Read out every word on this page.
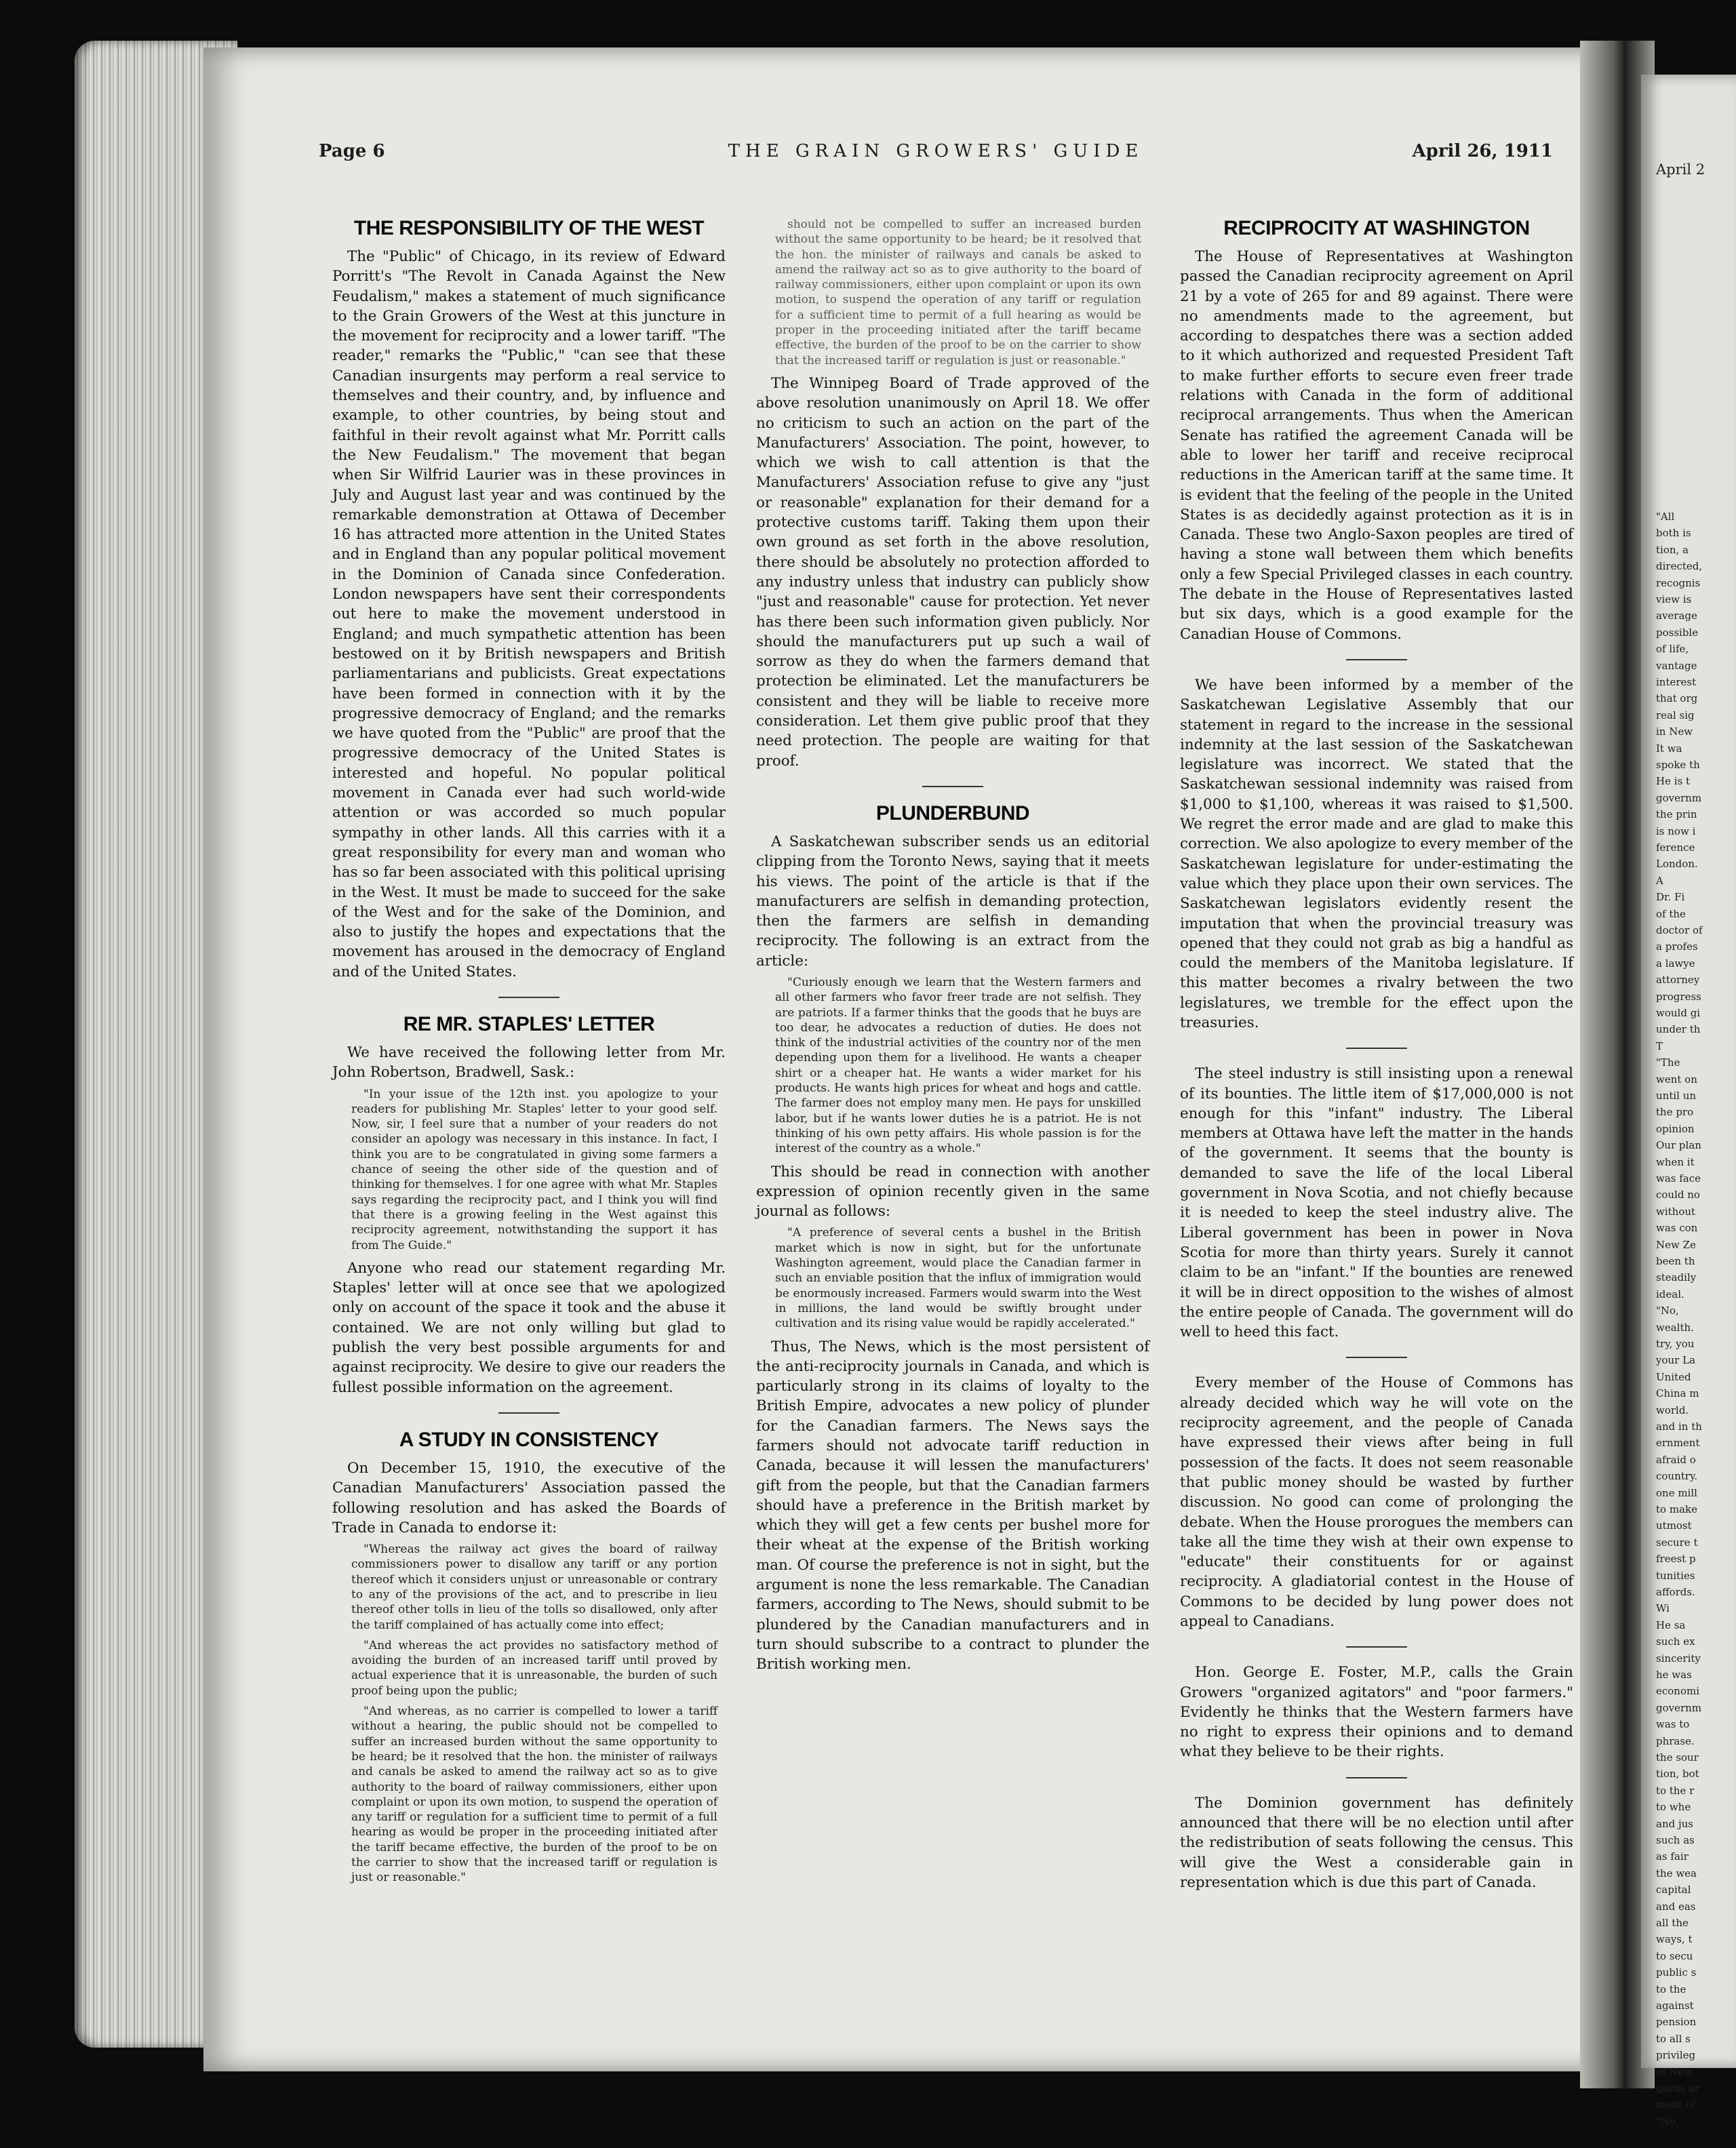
Page 6	THE GRAIN GROWERS' GUIDE	April 26, 1911
THE RESPONSIBILITY OF THE WEST

The "Public" of Chicago, in its review of Edward Porritt's "The Revolt in Canada Against the New Feudalism," makes a statement of much significance to the Grain Growers of the West at this juncture in the movement for reciprocity and a lower tariff. "The reader," remarks the "Public," "can see that these Canadian insurgents may perform a real service to themselves and their country, and, by influence and example, to other countries, by being stout and faithful in their revolt against what Mr. Porritt calls the New Feudalism." The movement that began when Sir Wilfrid Laurier was in these provinces in July and August last year and was continued by the remarkable demonstration at Ottawa of December 16 has attracted more attention in the United States and in England than any popular political movement in the Dominion of Canada since Confederation. London newspapers have sent their correspondents out here to make the movement understood in England; and much sympathetic attention has been bestowed on it by British newspapers and British parliamentarians and publicists. Great expectations have been formed in connection with it by the progressive democracy of England; and the remarks we have quoted from the "Public" are proof that the progressive democracy of the United States is interested and hopeful. No popular political movement in Canada ever had such world-wide attention or was accorded so much popular sympathy in other lands. All this carries with it a great responsibility for every man and woman who has so far been associated with this political uprising in the West. It must be made to succeed for the sake of the West and for the sake of the Dominion, and also to justify the hopes and expectations that the movement has aroused in the democracy of England and of the United States.

RE MR. STAPLES' LETTER

We have received the following letter from Mr. John Robertson, Bradwell, Sask.:

"In your issue of the 12th inst. you apologize to your readers for publishing Mr. Staples' letter to your good self. Now, sir, I feel sure that a number of your readers do not consider an apology was necessary in this instance. In fact, I think you are to be congratulated in giving some farmers a chance of seeing the other side of the question and of thinking for themselves. I for one agree with what Mr. Staples says regarding the reciprocity pact, and I think you will find that there is a growing feeling in the West against this reciprocity agreement, notwithstanding the support it has from The Guide."

Anyone who read our statement regarding Mr. Staples' letter will at once see that we apologized only on account of the space it took and the abuse it contained. We are not only willing but glad to publish the very best possible arguments for and against reciprocity. We desire to give our readers the fullest possible information on the agreement.

A STUDY IN CONSISTENCY

On December 15, 1910, the executive of the Canadian Manufacturers' Association passed the following resolution and has asked the Boards of Trade in Canada to endorse it:

"Whereas the railway act gives the board of railway commissioners power to disallow any tariff or any portion thereof which it considers unjust or unreasonable or contrary to any of the provisions of the act, and to prescribe in lieu thereof other tolls in lieu of the tolls so disallowed, only after the tariff complained of has actually come into effect;

"And whereas the act provides no satisfactory method of avoiding the burden of an increased tariff until proved by actual experience that it is unreasonable, the burden of such proof being upon the public;

"And whereas, as no carrier is compelled to lower a tariff without a hearing, the public should not be compelled to suffer an increased burden without the same opportunity to be heard; be it resolved that the hon. the minister of railways and canals be asked to amend the railway act so as to give authority to the board of railway commissioners, either upon complaint or upon its own motion, to suspend the operation of any tariff or regulation for a sufficient time to permit of a full hearing as would be proper in the proceeding initiated after the tariff became effective, the burden of the proof to be on the carrier to show that the increased tariff or regulation is just or reasonable."

should not be compelled to suffer an increased burden without the same opportunity to be heard; be it resolved that the hon. the minister of railways and canals be asked to amend the railway act so as to give authority to the board of railway commissioners, either upon complaint or upon its own motion, to suspend the operation of any tariff or regulation for a sufficient time to permit of a full hearing as would be proper in the proceeding initiated after the tariff became effective, the burden of the proof to be on the carrier to show that the increased tariff or regulation is just or reasonable."

The Winnipeg Board of Trade approved of the above resolution unanimously on April 18. We offer no criticism to such an action on the part of the Manufacturers' Association. The point, however, to which we wish to call attention is that the Manufacturers' Association refuse to give any "just or reasonable" explanation for their demand for a protective customs tariff. Taking them upon their own ground as set forth in the above resolution, there should be absolutely no protection afforded to any industry unless that industry can publicly show "just and reasonable" cause for protection. Yet never has there been such information given publicly. Nor should the manufacturers put up such a wail of sorrow as they do when the farmers demand that protection be eliminated. Let the manufacturers be consistent and they will be liable to receive more consideration. Let them give public proof that they need protection. The people are waiting for that proof.

PLUNDERBUND

A Saskatchewan subscriber sends us an editorial clipping from the Toronto News, saying that it meets his views. The point of the article is that if the manufacturers are selfish in demanding protection, then the farmers are selfish in demanding reciprocity. The following is an extract from the article:

"Curiously enough we learn that the Western farmers and all other farmers who favor freer trade are not selfish. They are patriots. If a farmer thinks that the goods that he buys are too dear, he advocates a reduction of duties. He does not think of the industrial activities of the country nor of the men depending upon them for a livelihood. He wants a cheaper shirt or a cheaper hat. He wants a wider market for his products. He wants high prices for wheat and hogs and cattle. The farmer does not employ many men. He pays for unskilled labor, but if he wants lower duties he is a patriot. He is not thinking of his own petty affairs. His whole passion is for the interest of the country as a whole."

This should be read in connection with another expression of opinion recently given in the same journal as follows:

"A preference of several cents a bushel in the British market which is now in sight, but for the unfortunate Washington agreement, would place the Canadian farmer in such an enviable position that the influx of immigration would be enormously increased. Farmers would swarm into the West in millions, the land would be swiftly brought under cultivation and its rising value would be rapidly accelerated."

Thus, The News, which is the most persistent of the anti-reciprocity journals in Canada, and which is particularly strong in its claims of loyalty to the British Empire, advocates a new policy of plunder for the Canadian farmers. The News says the farmers should not advocate tariff reduction in Canada, because it will lessen the manufacturers' gift from the people, but that the Canadian farmers should have a preference in the British market by which they will get a few cents per bushel more for their wheat at the expense of the British working man. Of course the preference is not in sight, but the argument is none the less remarkable. The Canadian farmers, according to The News, should submit to be plundered by the Canadian manufacturers and in turn should subscribe to a contract to plunder the British working men.

RECIPROCITY AT WASHINGTON

The House of Representatives at Washington passed the Canadian reciprocity agreement on April 21 by a vote of 265 for and 89 against. There were no amendments made to the agreement, but according to despatches there was a section added to it which authorized and requested President Taft to make further efforts to secure even freer trade relations with Canada in the form of additional reciprocal arrangements. Thus when the American Senate has ratified the agreement Canada will be able to lower her tariff and receive reciprocal reductions in the American tariff at the same time. It is evident that the feeling of the people in the United States is as decidedly against protection as it is in Canada. These two Anglo-Saxon peoples are tired of having a stone wall between them which benefits only a few Special Privileged classes in each country. The debate in the House of Representatives lasted but six days, which is a good example for the Canadian House of Commons.

We have been informed by a member of the Saskatchewan Legislative Assembly that our statement in regard to the increase in the sessional indemnity at the last session of the Saskatchewan legislature was incorrect. We stated that the Saskatchewan sessional indemnity was raised from $1,000 to $1,100, whereas it was raised to $1,500. We regret the error made and are glad to make this correction. We also apologize to every member of the Saskatchewan legislature for under-estimating the value which they place upon their own services. The Saskatchewan legislators evidently resent the imputation that when the provincial treasury was opened that they could not grab as big a handful as could the members of the Manitoba legislature. If this matter becomes a rivalry between the two legislatures, we tremble for the effect upon the treasuries.

The steel industry is still insisting upon a renewal of its bounties. The little item of $17,000,000 is not enough for this "infant" industry. The Liberal members at Ottawa have left the matter in the hands of the government. It seems that the bounty is demanded to save the life of the local Liberal government in Nova Scotia, and not chiefly because it is needed to keep the steel industry alive. The Liberal government has been in power in Nova Scotia for more than thirty years. Surely it cannot claim to be an "infant." If the bounties are renewed it will be in direct opposition to the wishes of almost the entire people of Canada. The government will do well to heed this fact.

Every member of the House of Commons has already decided which way he will vote on the reciprocity agreement, and the people of Canada have expressed their views after being in full possession of the facts. It does not seem reasonable that public money should be wasted by further discussion. No good can come of prolonging the debate. When the House prorogues the members can take all the time they wish at their own expense to "educate" their constituents for or against reciprocity. A gladiatorial contest in the House of Commons to be decided by lung power does not appeal to Canadians.

Hon. George E. Foster, M.P., calls the Grain Growers "organized agitators" and "poor farmers." Evidently he thinks that the Western farmers have no right to express their opinions and to demand what they believe to be their rights.

The Dominion government has definitely announced that there will be no election until after the redistribution of seats following the census. This will give the West a considerable gain in representation which is due this part of Canada.

April 2
"All
both is
tion, a
directed,
recognis
view is
average
possible
of life,
vantage
interest
that org
real sig
in New
It wa
spoke th
He is t
governm
the prin
is now i
ference
London.
A
Dr. Fi
of the
doctor of
a profes
a lawye
attorney
progress
would gi
under th
T
"The
went on
until un
the pro
opinion
Our plan
when it
was face
could no
without
was con
New Ze
been th
steadily
ideal.
"No,
wealth.
try, you
your La
United
China m
world.
and in th
ernment
afraid o
country.
one mill
to make
utmost
secure t
freest p
tunities
affords.
Wi
He sa
such ex
sincerity
he was
economi
governm
was to
phrase.
the sour
tion, bot
to the r
to whe
and jus
such as
as fair
the wea
capital
and eas
all the
ways, t
to secu
public s
to the
against
pension
to all s
privileg
of New
gards ar
ment of
"No,
